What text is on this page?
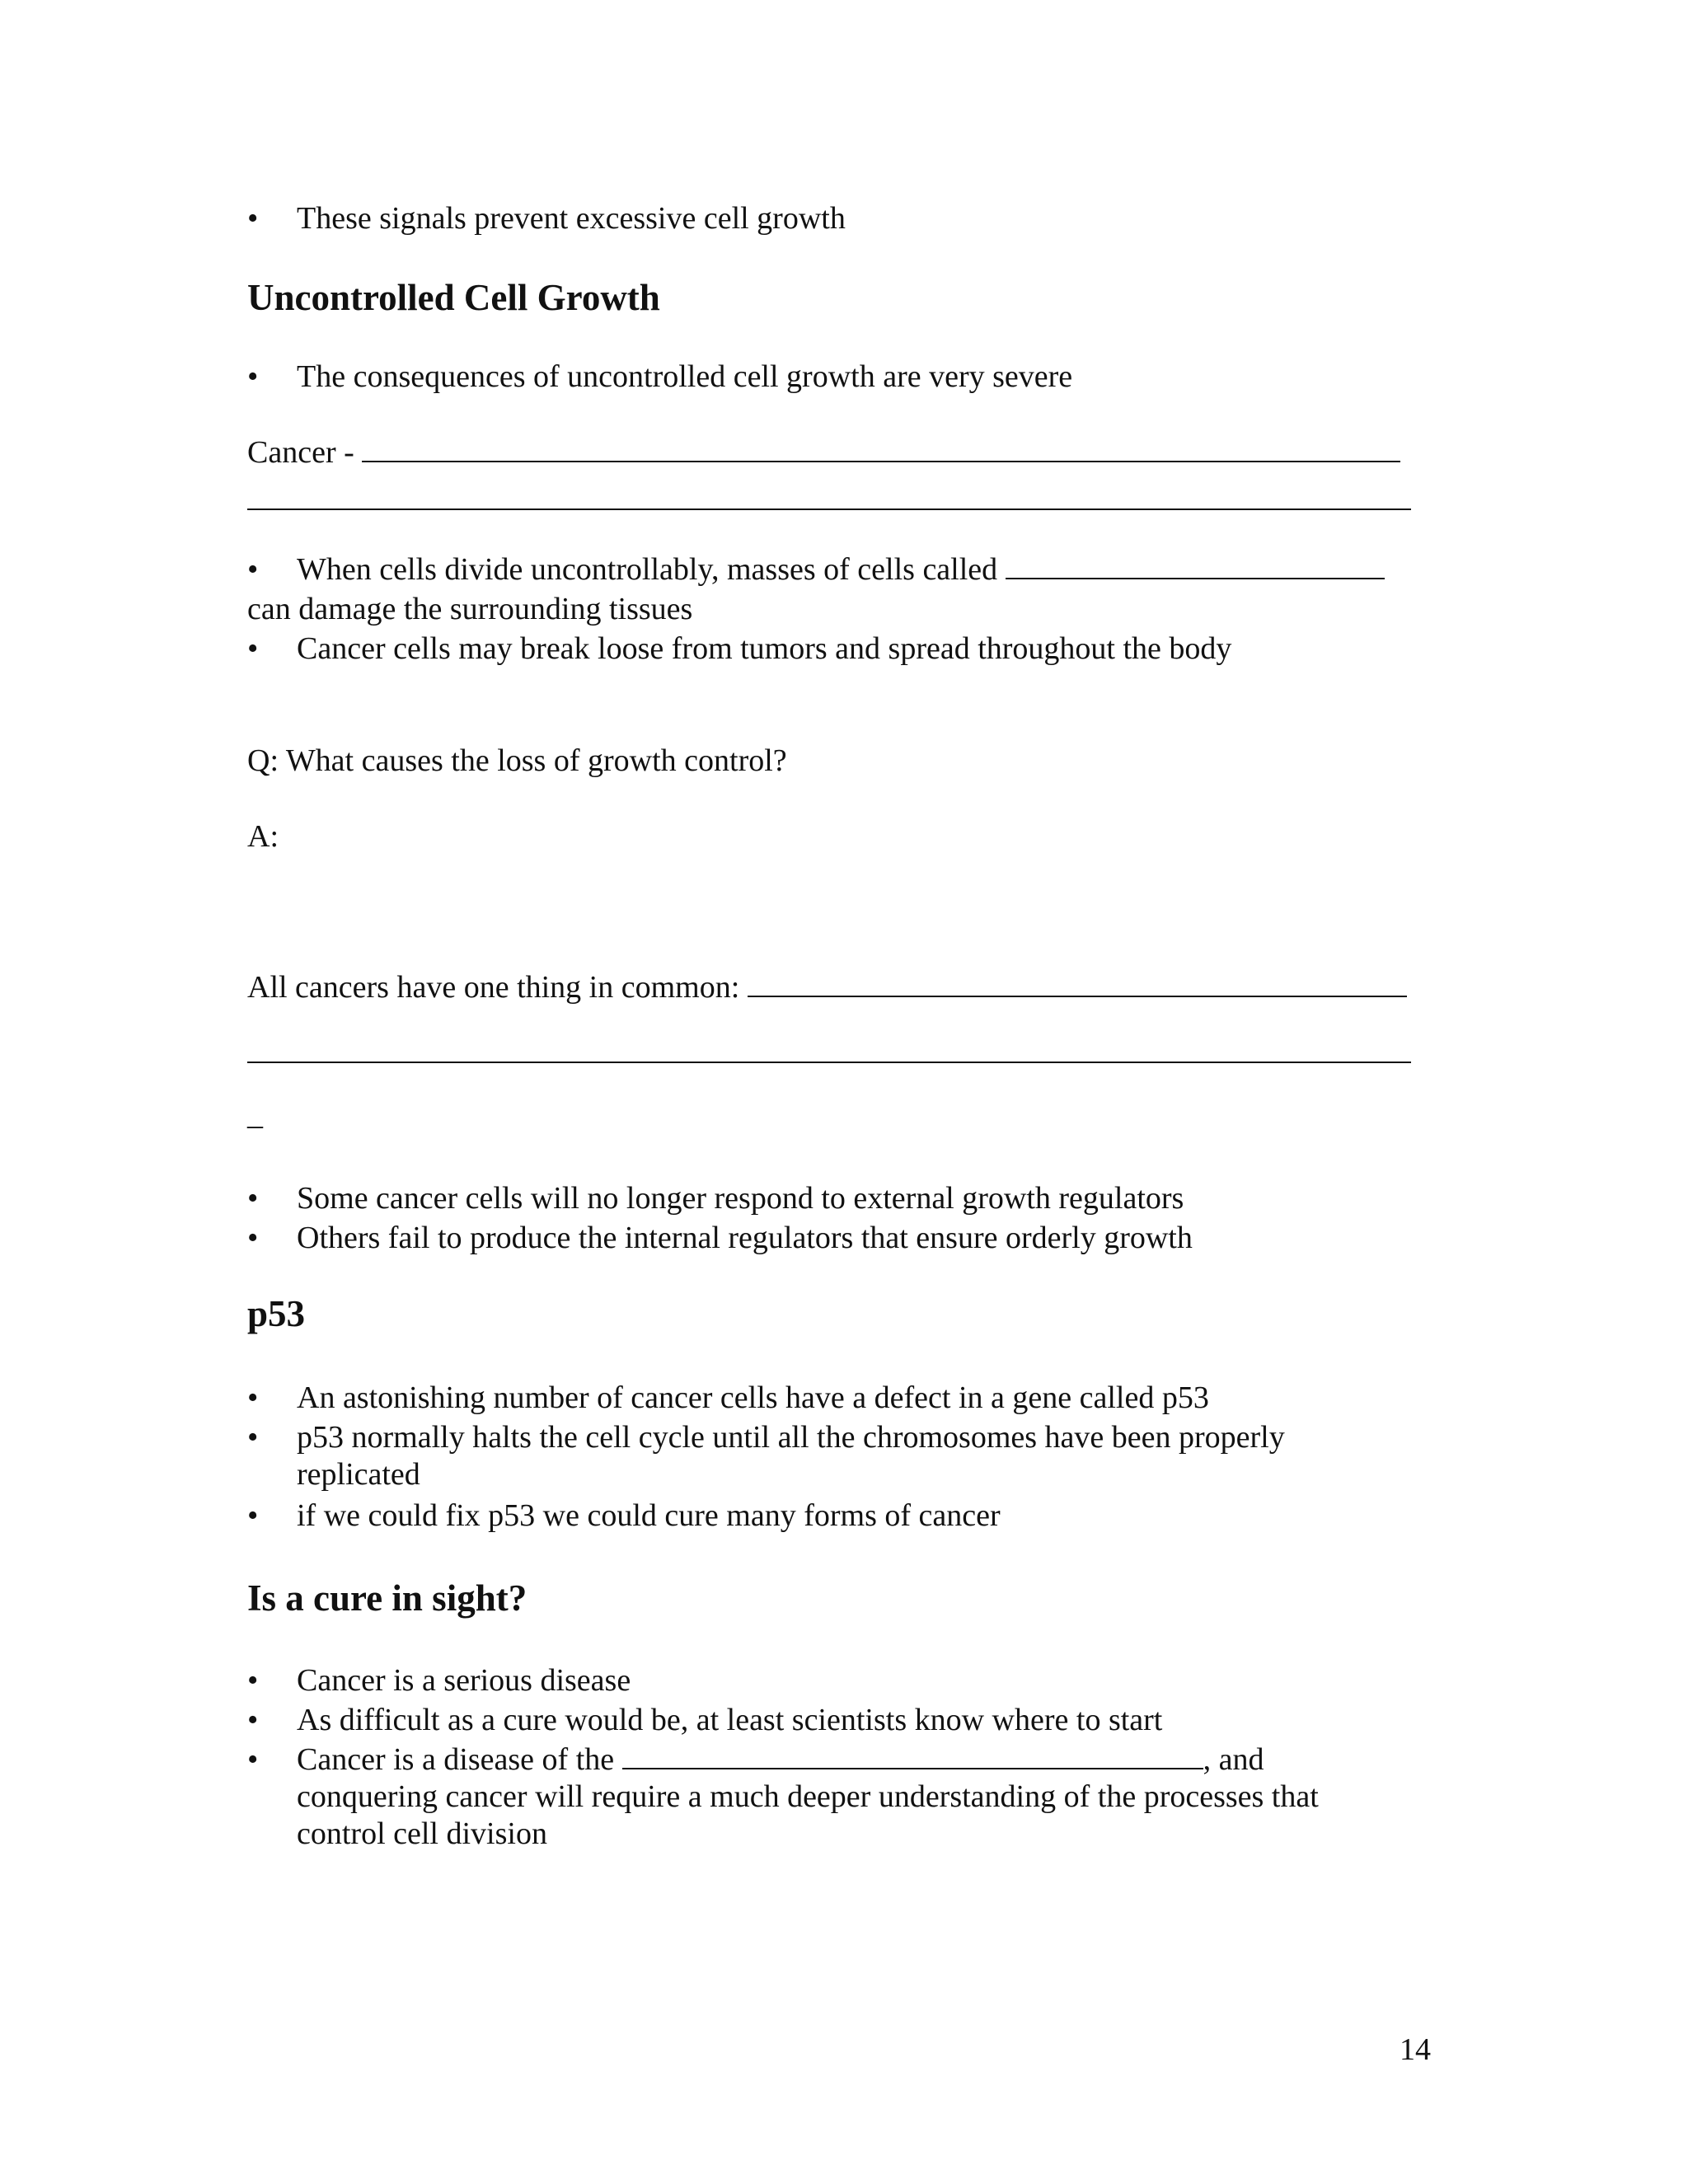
•	These signals prevent excessive cell growth
Uncontrolled Cell Growth
•	The consequences of uncontrolled cell growth are very severe
Cancer -
•	When cells divide uncontrollably, masses of cells called
can damage the surrounding tissues
•	Cancer cells may break loose from tumors and spread throughout the body
Q: What causes the loss of growth control?
A:
All cancers have one thing in common:
_
•	Some cancer cells will no longer respond to external growth regulators
•	Others fail to produce the internal regulators that ensure orderly growth
p53
•	An astonishing number of cancer cells have a defect in a gene called p53
•	p53 normally halts the cell cycle until all the chromosomes have been properly
replicated
•	if we could fix p53 we could cure many forms of cancer
Is a cure in sight?
•	Cancer is a serious disease
•	As difficult as a cure would be, at least scientists know where to start
•	Cancer is a disease of the	, and
conquering cancer will require a much deeper understanding of the processes that
control cell division
14
